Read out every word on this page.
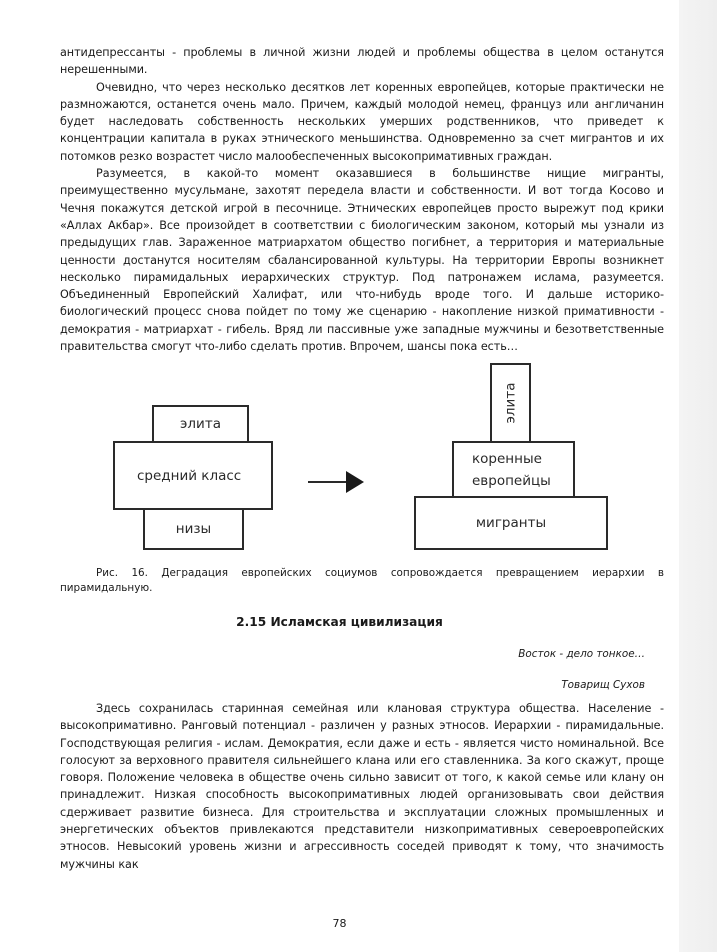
антидепрессанты - проблемы в личной жизни людей и проблемы общества в целом останутся нерешенными.

Очевидно, что через несколько десятков лет коренных европейцев, которые практически не размножаются, останется очень мало. Причем, каждый молодой немец, француз или англичанин будет наследовать собственность нескольких умерших родственников, что приведет к концентрации капитала в руках этнического меньшинства. Одновременно за счет мигрантов и их потомков резко возрастет число малообеспеченных высокопримативных граждан.

Разумеется, в какой-то момент оказавшиеся в большинстве нищие мигранты, преимущественно мусульмане, захотят передела власти и собственности. И вот тогда Косово и Чечня покажутся детской игрой в песочнице. Этнических европейцев просто вырежут под крики «Аллах Акбар». Все произойдет в соответствии с биологическим законом, который мы узнали из предыдущих глав. Зараженное матриархатом общество погибнет, а территория и материальные ценности достанутся носителям сбалансированной культуры. На территории Европы возникнет несколько пирамидальных иерархических структур. Под патронажем ислама, разумеется. Объединенный Европейский Халифат, или что-нибудь вроде того. И дальше историко-биологический процесс снова пойдет по тому же сценарию - накопление низкой примативности - демократия - матриархат - гибель. Вряд ли пассивные уже западные мужчины и безответственные правительства смогут что-либо сделать против. Впрочем, шансы пока есть…

элита
средний класс
низы
элита
коренные европейцы
мигранты
Рис. 16. Деградация европейских социумов сопровождается превращением иерархии в
пирамидальную.
2.15 Исламская цивилизация
Восток - дело тонкое…
Товарищ Сухов

Здесь сохранилась старинная семейная или клановая структура общества. Население - высокопримативно. Ранговый потенциал - различен у разных этносов. Иерархии - пирамидальные. Господствующая религия - ислам. Демократия, если даже и есть - является чисто номинальной. Все голосуют за верховного правителя сильнейшего клана или его ставленника. За кого скажут, проще говоря. Положение человека в обществе очень сильно зависит от того, к какой семье или клану он принадлежит. Низкая способность высокопримативных людей организовывать свои действия сдерживает развитие бизнеса. Для строительства и эксплуатации сложных промышленных и энергетических объектов привлекаются представители низкопримативных североевропейских этносов. Невысокий уровень жизни и агрессивность соседей приводят к тому, что значимость мужчины как

78
